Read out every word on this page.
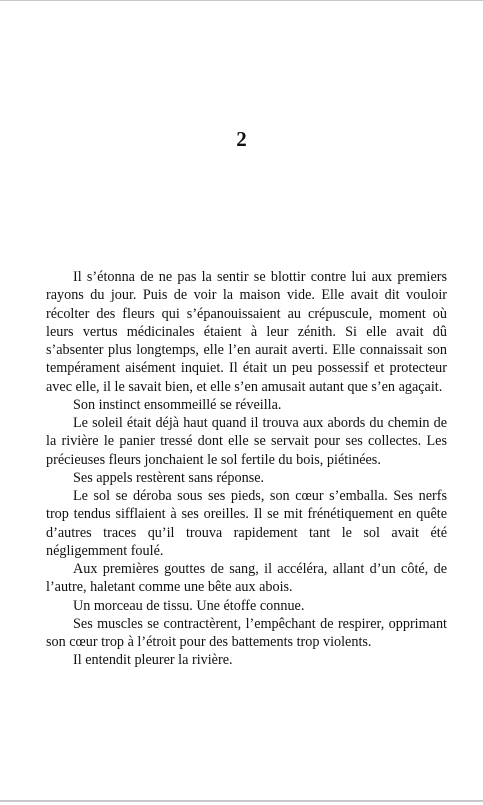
2

Il s’étonna de ne pas la sentir se blottir contre lui aux premiers rayons du jour. Puis de voir la maison vide. Elle avait dit vouloir récolter des fleurs qui s’épanouissaient au crépuscule, moment où leurs vertus médicinales étaient à leur zénith. Si elle avait dû s’absenter plus longtemps, elle l’en aurait averti. Elle connaissait son tempérament aisément inquiet. Il était un peu possessif et protecteur avec elle, il le savait bien, et elle s’en amusait autant que s’en agaçait.

Son instinct ensommeillé se réveilla.

Le soleil était déjà haut quand il trouva aux abords du chemin de la rivière le panier tressé dont elle se servait pour ses collectes. Les précieuses fleurs jonchaient le sol fertile du bois, piétinées.

Ses appels restèrent sans réponse.

Le sol se déroba sous ses pieds, son cœur s’emballa. Ses nerfs trop tendus sifflaient à ses oreilles. Il se mit frénétiquement en quête d’autres traces qu’il trouva rapidement tant le sol avait été négligemment foulé.

Aux premières gouttes de sang, il accéléra, allant d’un côté, de l’autre, haletant comme une bête aux abois.

Un morceau de tissu. Une étoffe connue.

Ses muscles se contractèrent, l’empêchant de respirer, opprimant son cœur trop à l’étroit pour des battements trop violents.

Il entendit pleurer la rivière.
